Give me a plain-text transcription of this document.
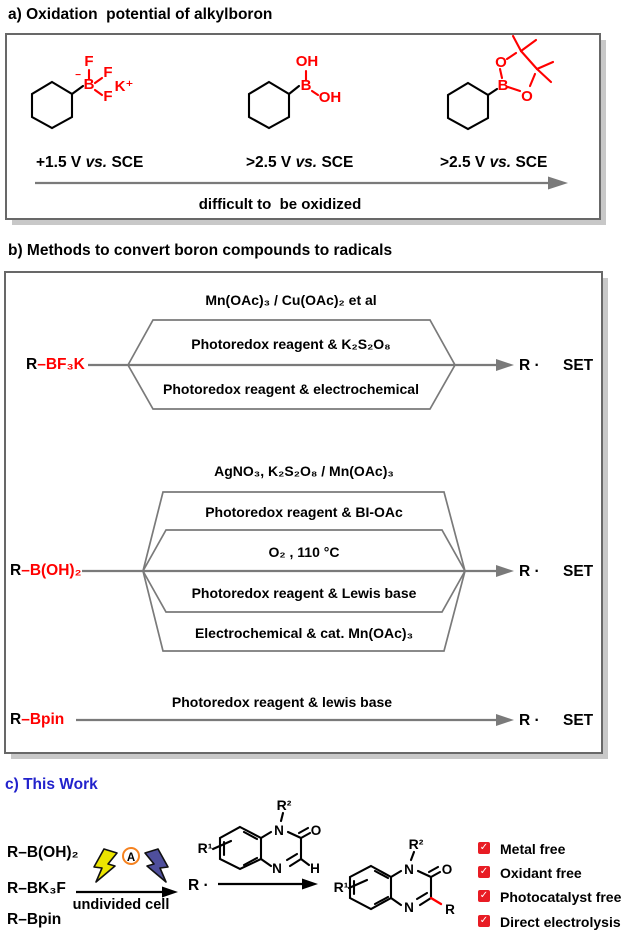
a) Oxidation  potential of alkylboron
b) Methods to convert boron compounds to radicals
c) This Work
−
B
F
F
F
K⁺	B
OH
OH
B
O
O
A
N
N
R²
O
H
R¹
N
N
R²
O
R
R¹
+1.5 V vs. SCE	>2.5 V vs. SCE	>2.5 V vs. SCE
difficult to  be oxidized
R–BF₃K
Mn(OAc)₃ / Cu(OAc)₂ et al
Photoredox reagent & K₂S₂O₈
Photoredox reagent & electrochemical
R · SET
R–B(OH)₂
AgNO₃, K₂S₂O₈ / Mn(OAc)₃
Photoredox reagent & BI-OAc
O₂ , 110 °C
Photoredox reagent & Lewis base
Electrochemical & cat. Mn(OAc)₃
R · SET
R–Bpin
Photoredox reagent & lewis base
R · SET
R–B(OH)₂
R–BK₃F
R–Bpin
undivided cell
R ·
✓ Metal free
✓ Oxidant free
✓ Photocatalyst free
✓ Direct electrolysis
